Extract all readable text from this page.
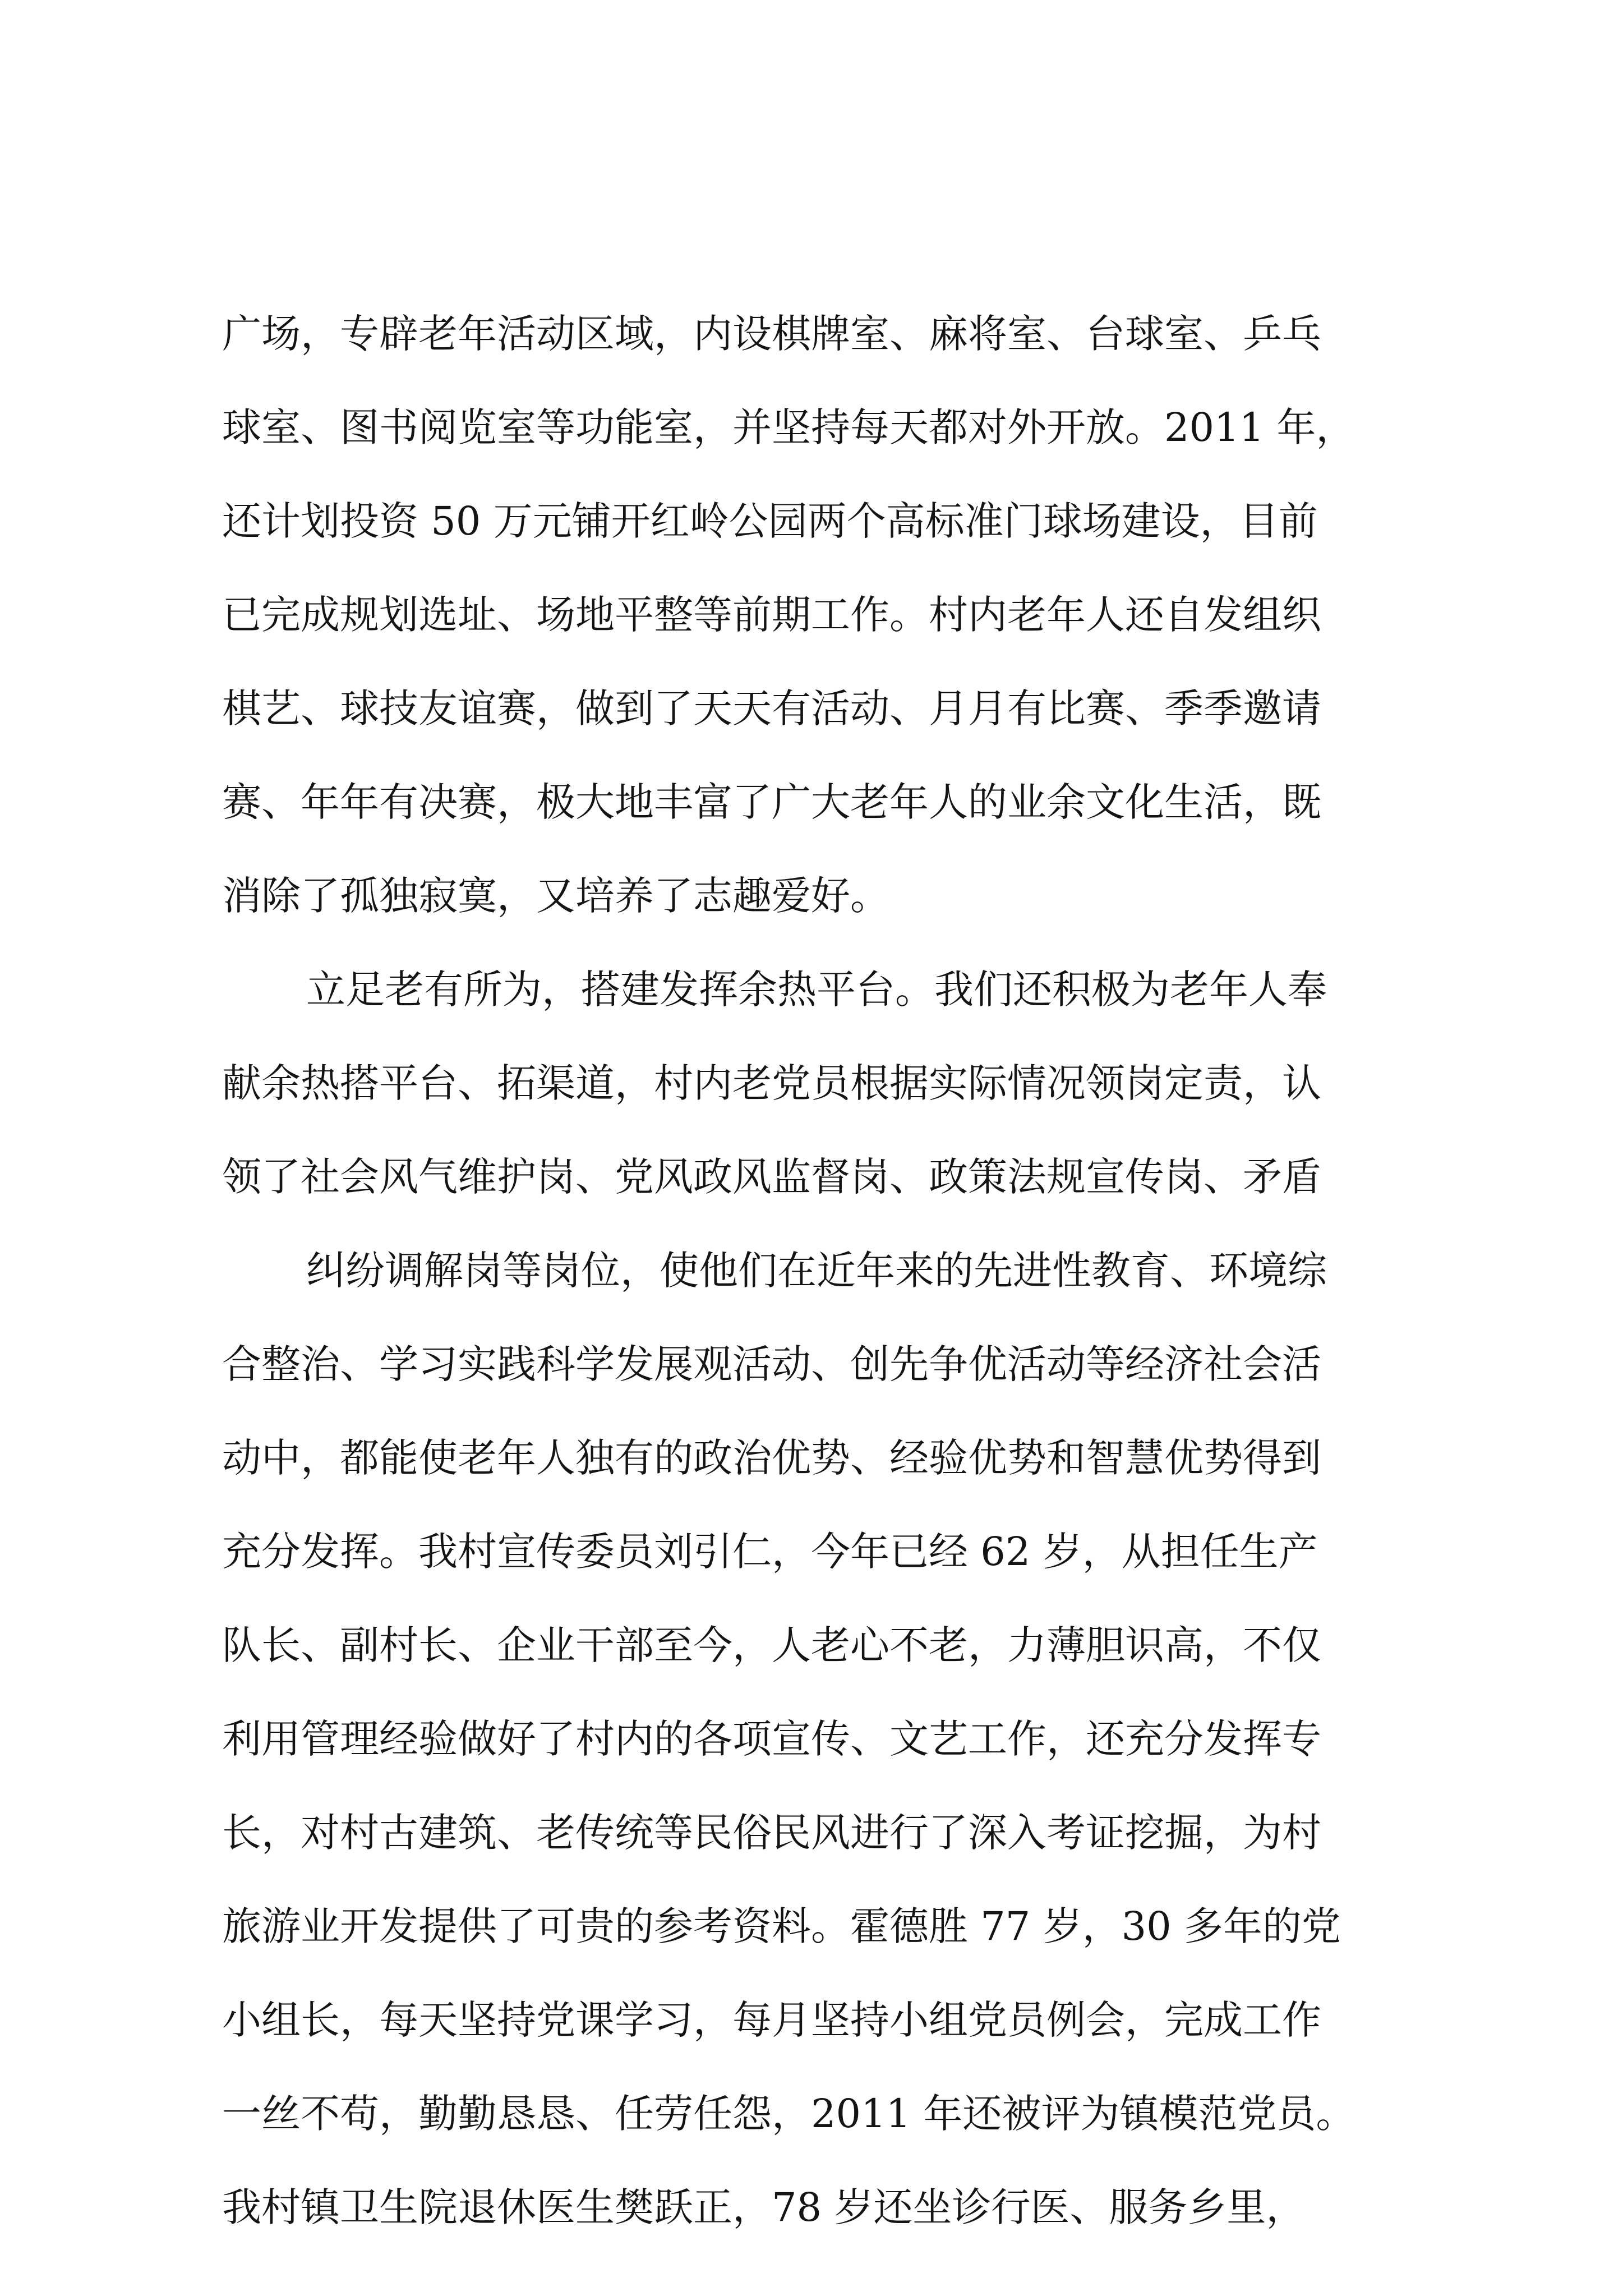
广场，专辟老年活动区域，内设棋牌室、麻将室、台球室、乒乓
球室、图书阅览室等功能室，并坚持每天都对外开放。2011 年，
还计划投资 50 万元铺开红岭公园两个高标准门球场建设，目前
已完成规划选址、场地平整等前期工作。村内老年人还自发组织
棋艺、球技友谊赛，做到了天天有活动、月月有比赛、季季邀请
赛、年年有决赛，极大地丰富了广大老年人的业余文化生活，既
消除了孤独寂寞，又培养了志趣爱好。
立足老有所为，搭建发挥余热平台。我们还积极为老年人奉
献余热搭平台、拓渠道，村内老党员根据实际情况领岗定责，认
领了社会风气维护岗、党风政风监督岗、政策法规宣传岗、矛盾
纠纷调解岗等岗位，使他们在近年来的先进性教育、环境综
合整治、学习实践科学发展观活动、创先争优活动等经济社会活
动中，都能使老年人独有的政治优势、经验优势和智慧优势得到
充分发挥。我村宣传委员刘引仁，今年已经 62 岁，从担任生产
队长、副村长、企业干部至今，人老心不老，力薄胆识高，不仅
利用管理经验做好了村内的各项宣传、文艺工作，还充分发挥专
长，对村古建筑、老传统等民俗民风进行了深入考证挖掘，为村
旅游业开发提供了可贵的参考资料。霍德胜 77 岁，30 多年的党
小组长，每天坚持党课学习，每月坚持小组党员例会，完成工作
一丝不苟，勤勤恳恳、任劳任怨，2011 年还被评为镇模范党员。
我村镇卫生院退休医生樊跃正，78 岁还坐诊行医、服务乡里，
